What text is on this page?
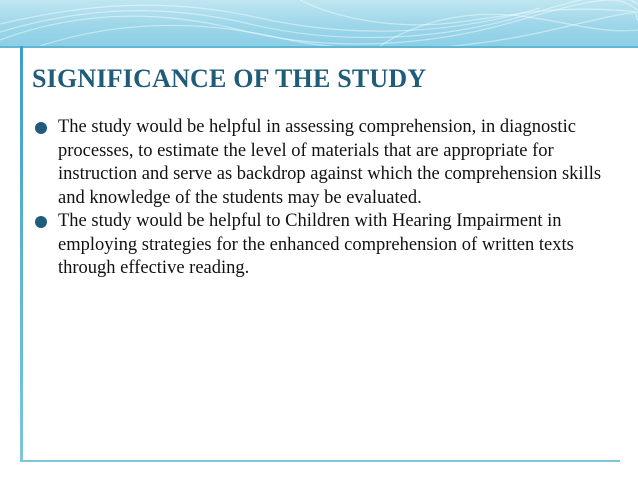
SIGNIFICANCE OF THE STUDY
The study would be helpful in assessing comprehension, in diagnostic processes, to estimate the level of materials that are appropriate for instruction and serve as backdrop against which the comprehension skills and knowledge of the students may be evaluated.
The study would be helpful to Children with Hearing Impairment in employing strategies for the enhanced comprehension of written texts through effective reading.
